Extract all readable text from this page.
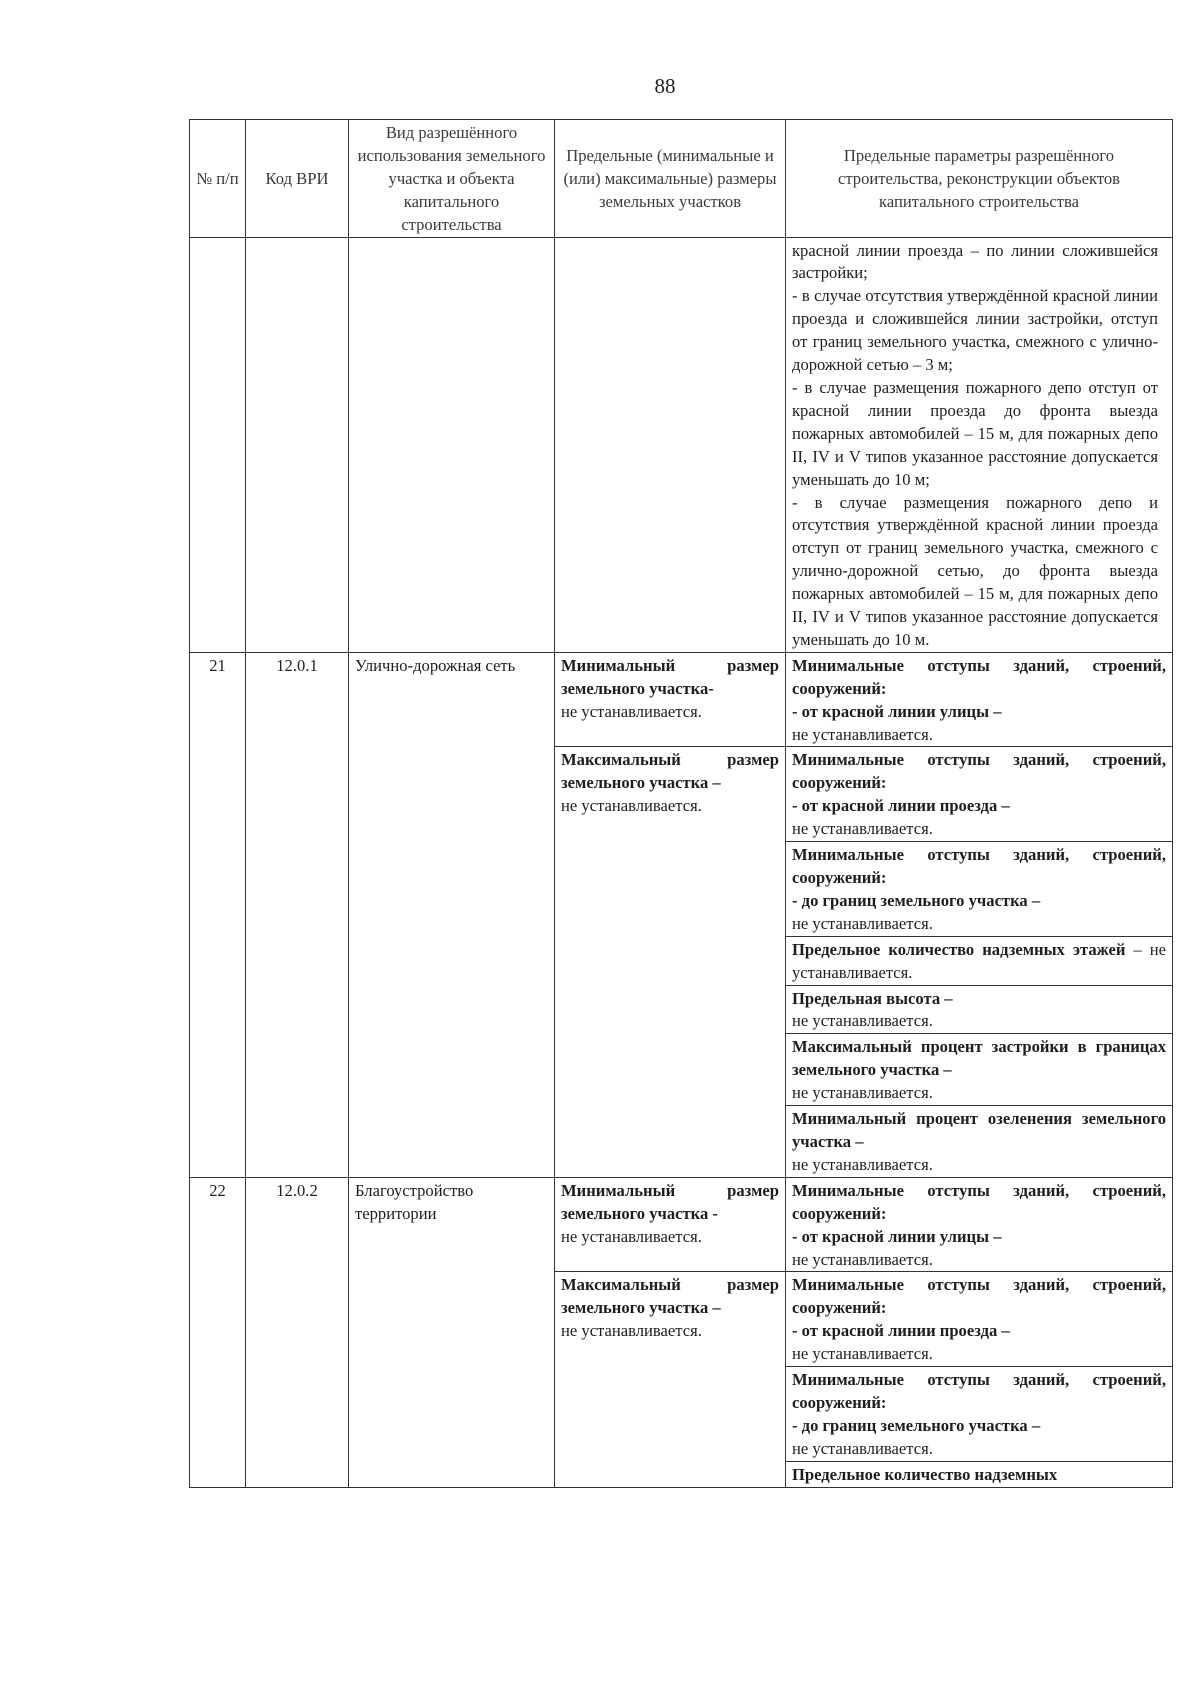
88
№ п/п	Код ВРИ	Вид разрешённого использования земельного участка и объекта капитального строительства	Предельные (минимальные и (или) максимальные) размеры земельных участков	Предельные параметры разрешённого строительства, реконструкции объектов капитального строительства

				красной линии проезда – по линии сложившейся застройки;
- в случае отсутствия утверждённой красной линии проезда и сложившейся линии застройки, отступ от границ земельного участка, смежного с улично-дорожной сетью – 3 м;
- в случае размещения пожарного депо отступ от красной линии проезда до фронта выезда пожарных автомобилей – 15 м, для пожарных депо II, IV и V типов указанное расстояние допускается уменьшать до 10 м;
- в случае размещения пожарного депо и отсутствия утверждённой красной линии проезда отступ от границ земельного участка, смежного с улично-дорожной сетью, до фронта выезда пожарных автомобилей – 15 м, для пожарных депо II, IV и V типов указанное расстояние допускается уменьшать до 10 м.

21	12.0.1	Улично-дорожная сеть	Минимальный размер земельного участка-
не устанавливается.	Минимальные отступы зданий, строений, сооружений:
- от красной линии улицы –
не устанавливается.
			Максимальный размер земельного участка –
не устанавливается.	Минимальные отступы зданий, строений, сооружений:
- от красной линии проезда –
не устанавливается.
				Минимальные отступы зданий, строений, сооружений:
- до границ земельного участка –
не устанавливается.
				Предельное количество надземных этажей – не устанавливается.
				Предельная высота –
не устанавливается.
				Максимальный процент застройки в границах земельного участка –
не устанавливается.
				Минимальный процент озеленения земельного участка –
не устанавливается.
22	12.0.2	Благоустройство территории	Минимальный размер земельного участка -
не устанавливается.	Минимальные отступы зданий, строений, сооружений:
- от красной линии улицы –
не устанавливается.
			Максимальный размер земельного участка –
не устанавливается.	Минимальные отступы зданий, строений, сооружений:
- от красной линии проезда –
не устанавливается.
				Минимальные отступы зданий, строений, сооружений:
- до границ земельного участка –
не устанавливается.
				Предельное количество надземных
